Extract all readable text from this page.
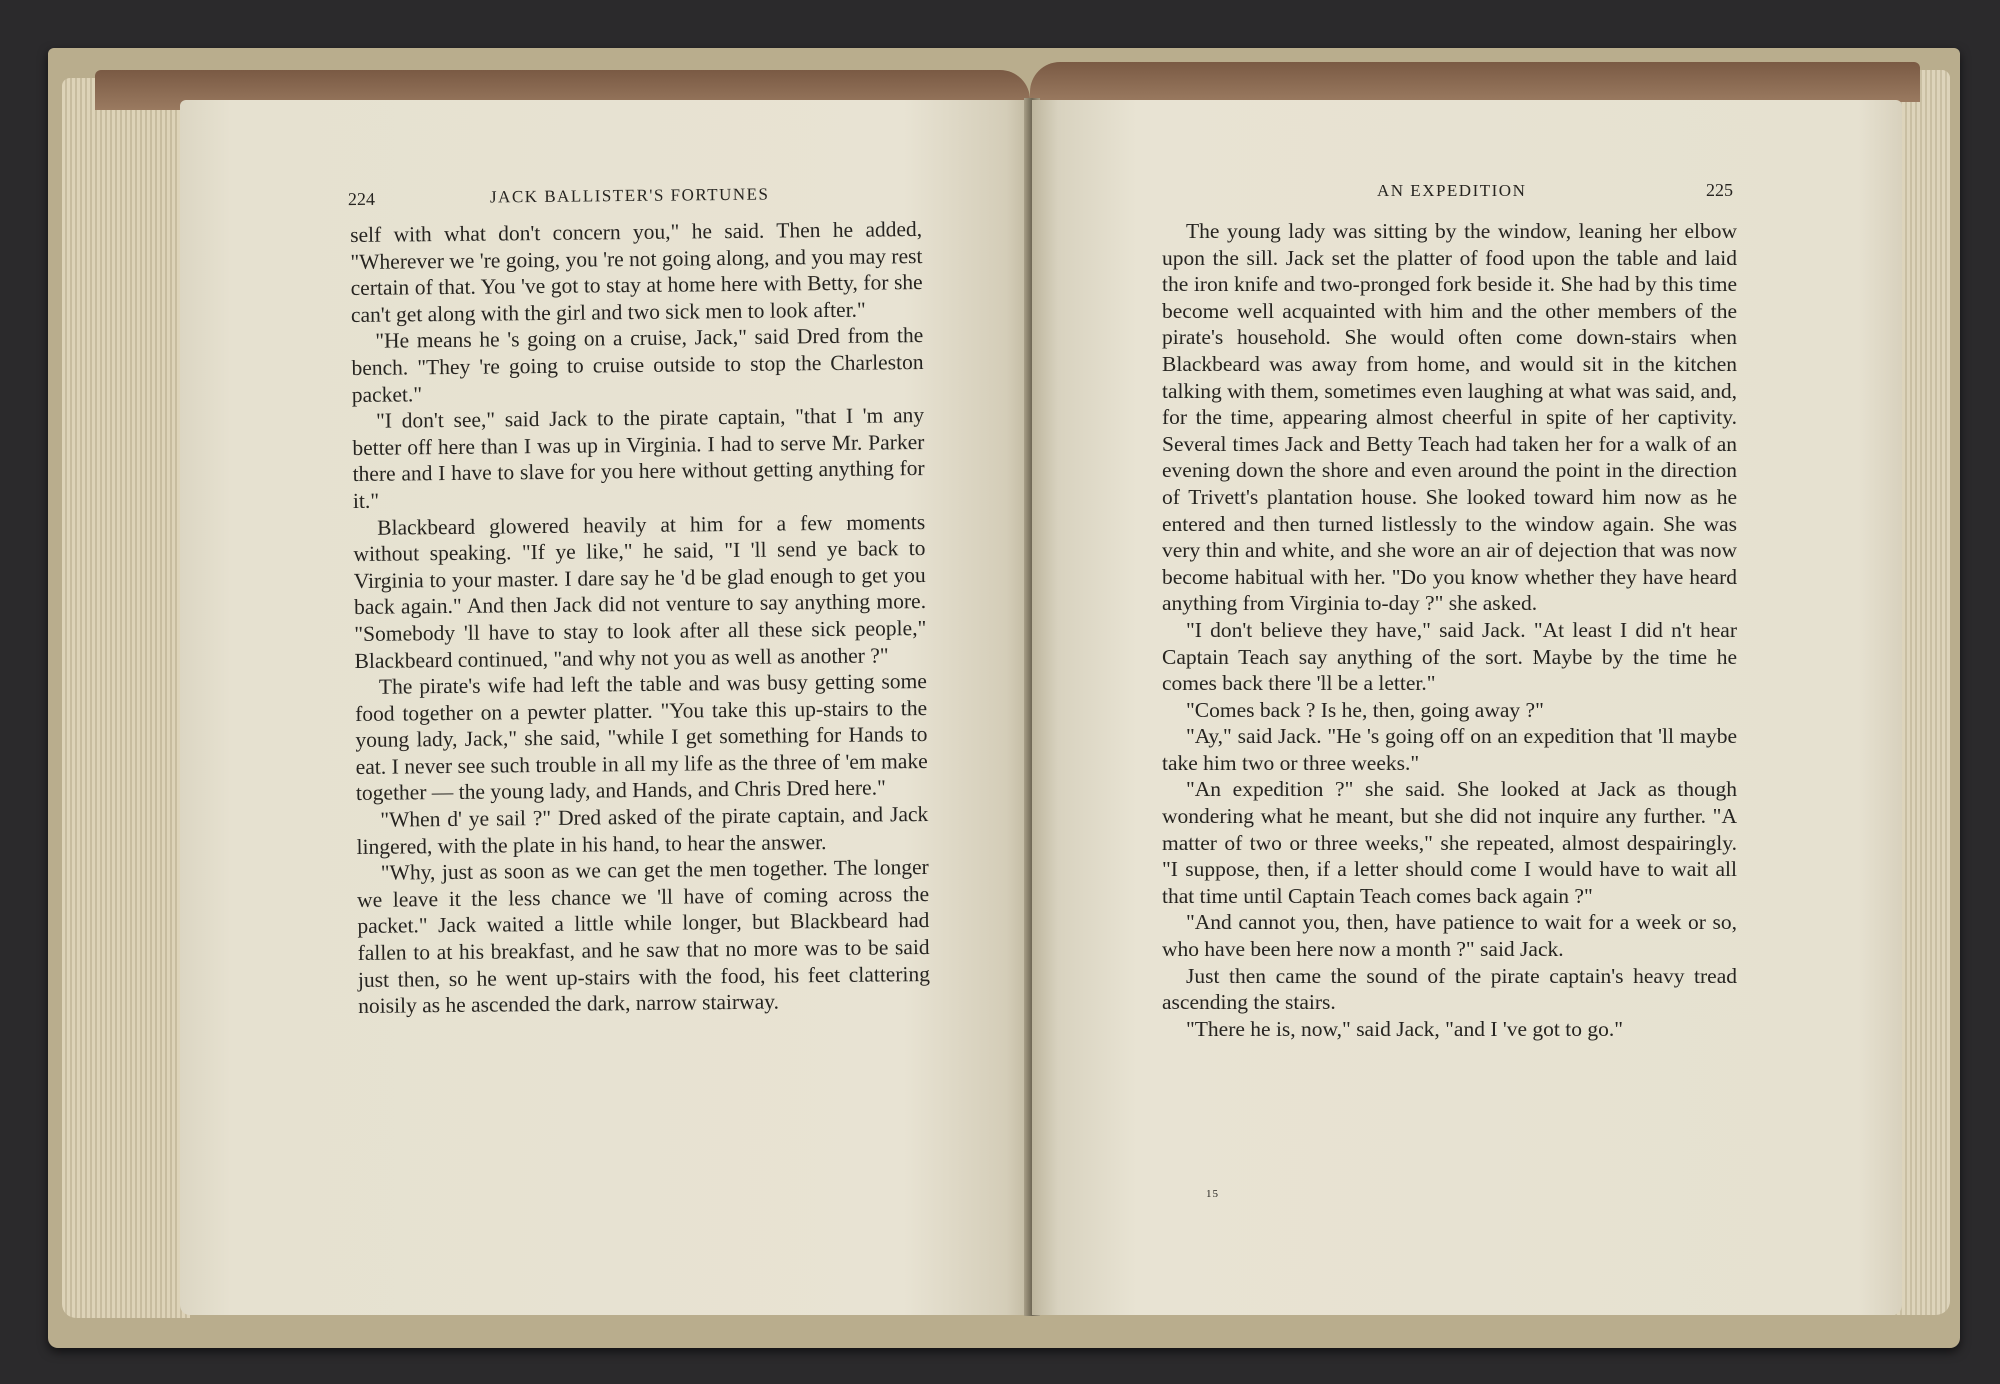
224	JACK BALLISTER'S FORTUNES

self with what don't concern you," he said. Then he added, "Wherever we 're going, you 're not going along, and you may rest certain of that. You 've got to stay at home here with Betty, for she can't get along with the girl and two sick men to look after."

"He means he 's going on a cruise, Jack," said Dred from the bench. "They 're going to cruise outside to stop the Charleston packet."

"I don't see," said Jack to the pirate captain, "that I 'm any better off here than I was up in Virginia. I had to serve Mr. Parker there and I have to slave for you here without getting anything for it."

Blackbeard glowered heavily at him for a few moments without speaking. "If ye like," he said, "I 'll send ye back to Virginia to your master. I dare say he 'd be glad enough to get you back again." And then Jack did not venture to say anything more. "Somebody 'll have to stay to look after all these sick people," Blackbeard continued, "and why not you as well as another ?"

The pirate's wife had left the table and was busy getting some food together on a pewter platter. "You take this up-stairs to the young lady, Jack," she said, "while I get something for Hands to eat. I never see such trouble in all my life as the three of 'em make together — the young lady, and Hands, and Chris Dred here."

"When d' ye sail ?" Dred asked of the pirate captain, and Jack lingered, with the plate in his hand, to hear the answer.

"Why, just as soon as we can get the men together. The longer we leave it the less chance we 'll have of coming across the packet." Jack waited a little while longer, but Blackbeard had fallen to at his breakfast, and he saw that no more was to be said just then, so he went up-stairs with the food, his feet clattering noisily as he ascended the dark, narrow stairway.

AN EXPEDITION	225

The young lady was sitting by the window, leaning her elbow upon the sill. Jack set the platter of food upon the table and laid the iron knife and two-pronged fork beside it. She had by this time become well acquainted with him and the other members of the pirate's household. She would often come down-stairs when Blackbeard was away from home, and would sit in the kitchen talking with them, sometimes even laughing at what was said, and, for the time, appearing almost cheerful in spite of her captivity. Several times Jack and Betty Teach had taken her for a walk of an evening down the shore and even around the point in the direction of Trivett's plantation house. She looked toward him now as he entered and then turned listlessly to the window again. She was very thin and white, and she wore an air of dejection that was now become habitual with her. "Do you know whether they have heard anything from Virginia to-day ?" she asked.

"I don't believe they have," said Jack. "At least I did n't hear Captain Teach say anything of the sort. Maybe by the time he comes back there 'll be a letter."

"Comes back ? Is he, then, going away ?"

"Ay," said Jack. "He 's going off on an expedition that 'll maybe take him two or three weeks."

"An expedition ?" she said. She looked at Jack as though wondering what he meant, but she did not inquire any further. "A matter of two or three weeks," she repeated, almost despairingly. "I suppose, then, if a letter should come I would have to wait all that time until Captain Teach comes back again ?"

"And cannot you, then, have patience to wait for a week or so, who have been here now a month ?" said Jack.

Just then came the sound of the pirate captain's heavy tread ascending the stairs.

"There he is, now," said Jack, "and I 've got to go."

15
